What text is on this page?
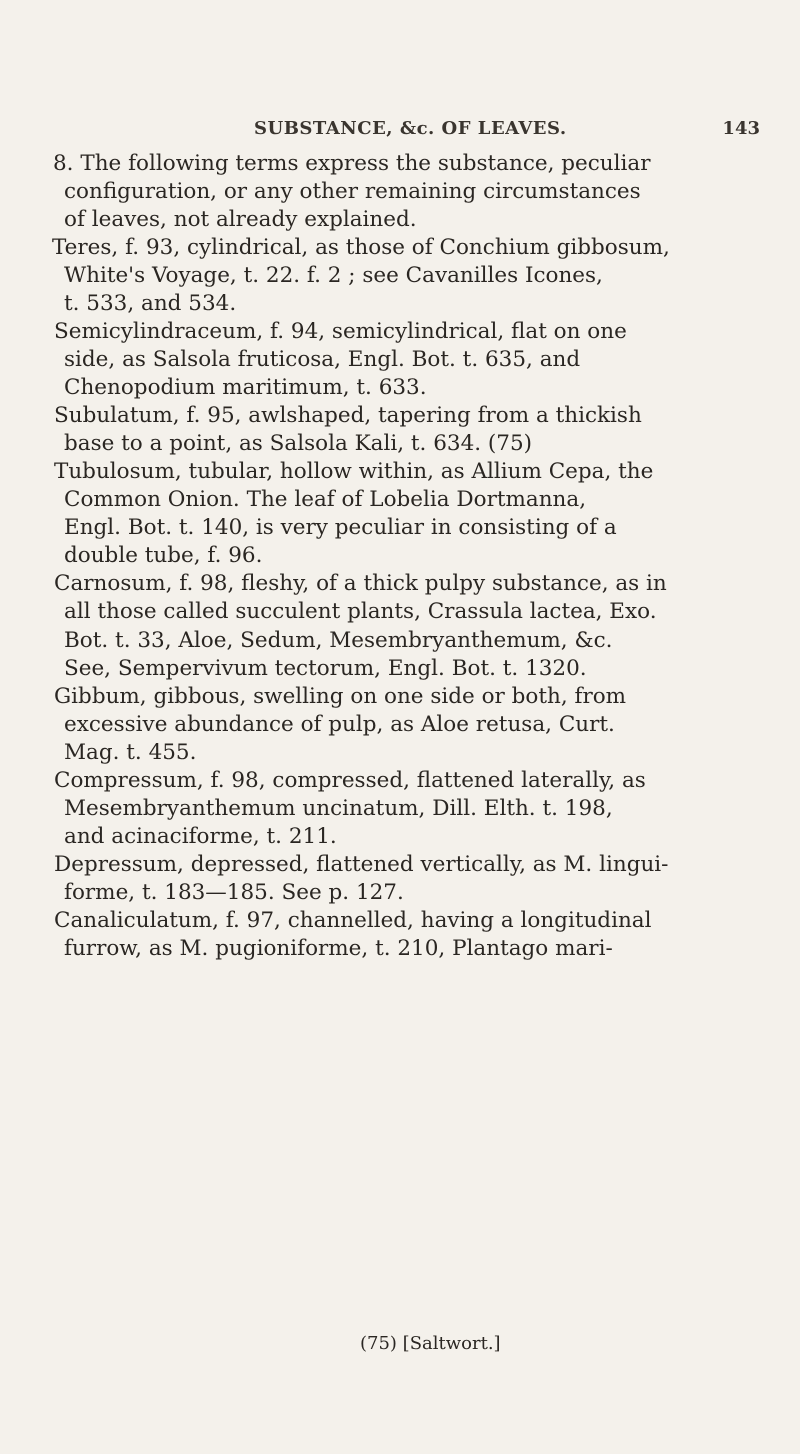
SUBSTANCE, &c. OF LEAVES.	143
8. The following terms express the substance, peculiar
configuration, or any other remaining circumstances
of leaves, not already explained.
Teres, f. 93, cylindrical, as those of Conchium gibbosum,
White's Voyage, t. 22. f. 2 ; see Cavanilles Icones,
t. 533, and 534.
Semicylindraceum, f. 94, semicylindrical, flat on one
side, as Salsola fruticosa, Engl. Bot. t. 635, and
Chenopodium maritimum, t. 633.
Subulatum, f. 95, awlshaped, tapering from a thickish
base to a point, as Salsola Kali, t. 634. (75)
Tubulosum, tubular, hollow within, as Allium Cepa, the
Common Onion. The leaf of Lobelia Dortmanna,
Engl. Bot. t. 140, is very peculiar in consisting of a
double tube, f. 96.
Carnosum, f. 98, fleshy, of a thick pulpy substance, as in
all those called succulent plants, Crassula lactea, Exo.
Bot. t. 33, Aloe, Sedum, Mesembryanthemum, &c.
See, Sempervivum tectorum, Engl. Bot. t. 1320.
Gibbum, gibbous, swelling on one side or both, from
excessive abundance of pulp, as Aloe retusa, Curt.
Mag. t. 455.
Compressum, f. 98, compressed, flattened laterally, as
Mesembryanthemum uncinatum, Dill. Elth. t. 198,
and acinaciforme, t. 211.
Depressum, depressed, flattened vertically, as M. lingui-
forme, t. 183—185. See p. 127.
Canaliculatum, f. 97, channelled, having a longitudinal
furrow, as M. pugioniforme, t. 210, Plantago mari-
(75) [Saltwort.]
